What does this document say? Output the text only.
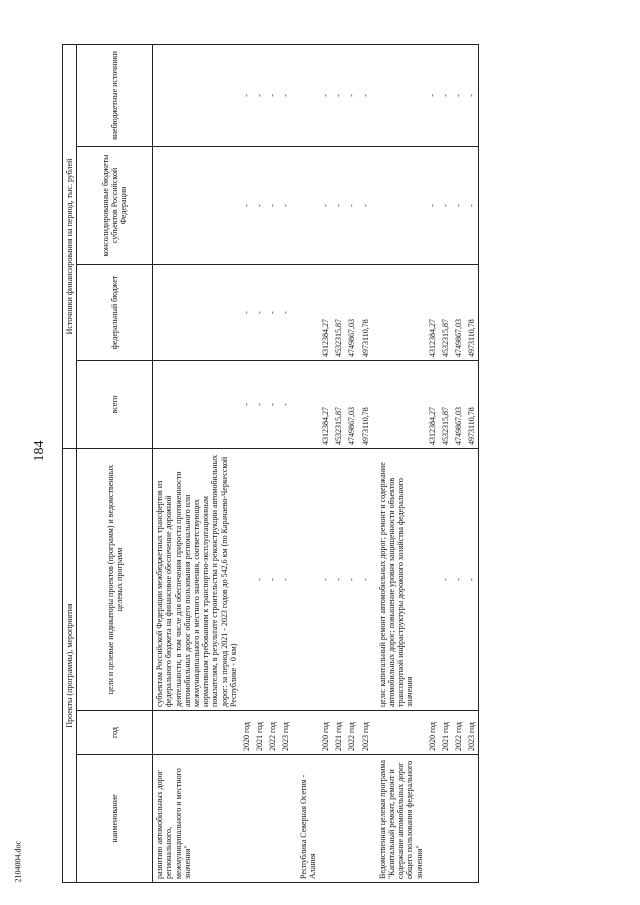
184
2104004.doc
Проекты (программы), мероприятия			Источники финансирования на период, тыс. рублей			
наименование	год	цели и целевые индикаторы проектов (программ) и ведомственных целевых программ	всего	федеральный бюджет	консолидированные бюджеты субъектов Российской Федерации	внебюджетные источники
развитию автомобильных дорог регионального, межмуниципального и местного значения"		субъектам Российской Федерации межбюджетных трансфертов из федерального бюджета на финансовое обеспечение дорожной деятельности, в том числе для обеспечения прироста протяженности автомобильных дорог общего пользования регионального или межмуниципального и местного значения, соответствующих нормативным требованиям к транспортно-эксплуатационным показателям, в результате строительства и реконструкции автомобильных дорог: за период 2021 - 2023 годов до 542,6 км (по Карачаево-Черкесской Республике - 0 км)				
	2020 год		-	-	-	-
	2021 год	-	-	-	-	-
	2022 год	-	-	-	-	-
	2023 год	-	-	-	-	-
Республика Северная Осетия - Алания						
	2020 год	-	4312384,27	4312384,27	-	-
	2021 год	-	4532315,87	4532315,87	-	-
	2022 год	-	4749867,03	4749867,03	-	-
	2023 год	-	4973110,78	4973110,78	-	-
Ведомственная целевая программа "Капитальный ремонт, ремонт и содержание автомобильных дорог общего пользования федерального значения"		цели: капитальный ремонт автомобильных дорог; ремонт и содержание автомобильных дорог; повышение уровня защищенности объектов транспортной инфраструктуры дорожного хозяйства федерального значения				
	2020 год		4312384,27	4312384,27	-	-
	2021 год	-	4532315,87	4532315,87	-	-
	2022 год	-	4749867,03	4749867,03	-	-
	2023 год	-	4973110,78	4973110,78	-	-
